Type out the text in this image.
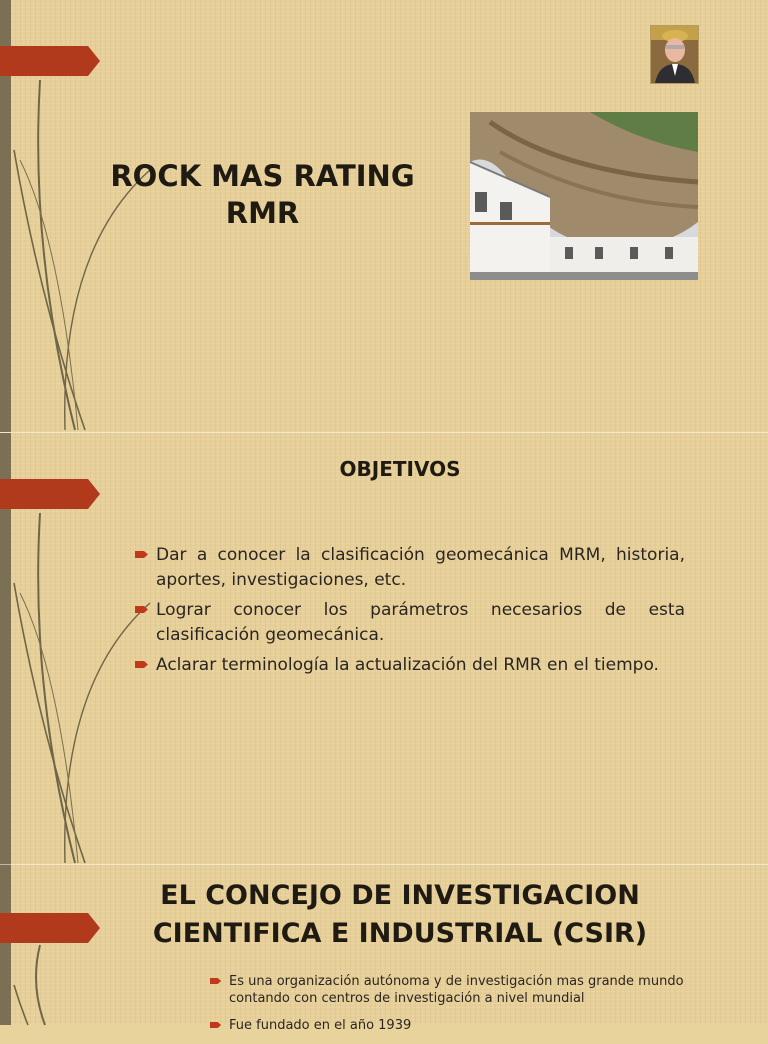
ROCK MAS RATING
RMR
OBJETIVOS
Dar a conocer la clasificación geomecánica MRM, historia, aportes, investigaciones, etc.
Lograr conocer los parámetros necesarios de esta clasificación geomecánica.
Aclarar terminología la actualización del RMR en el tiempo.
EL CONCEJO DE INVESTIGACION
CIENTIFICA E INDUSTRIAL (CSIR)
Es una organización autónoma y de investigación mas grande mundo contando con centros de investigación a nivel mundial
Fue fundado en el año 1939
